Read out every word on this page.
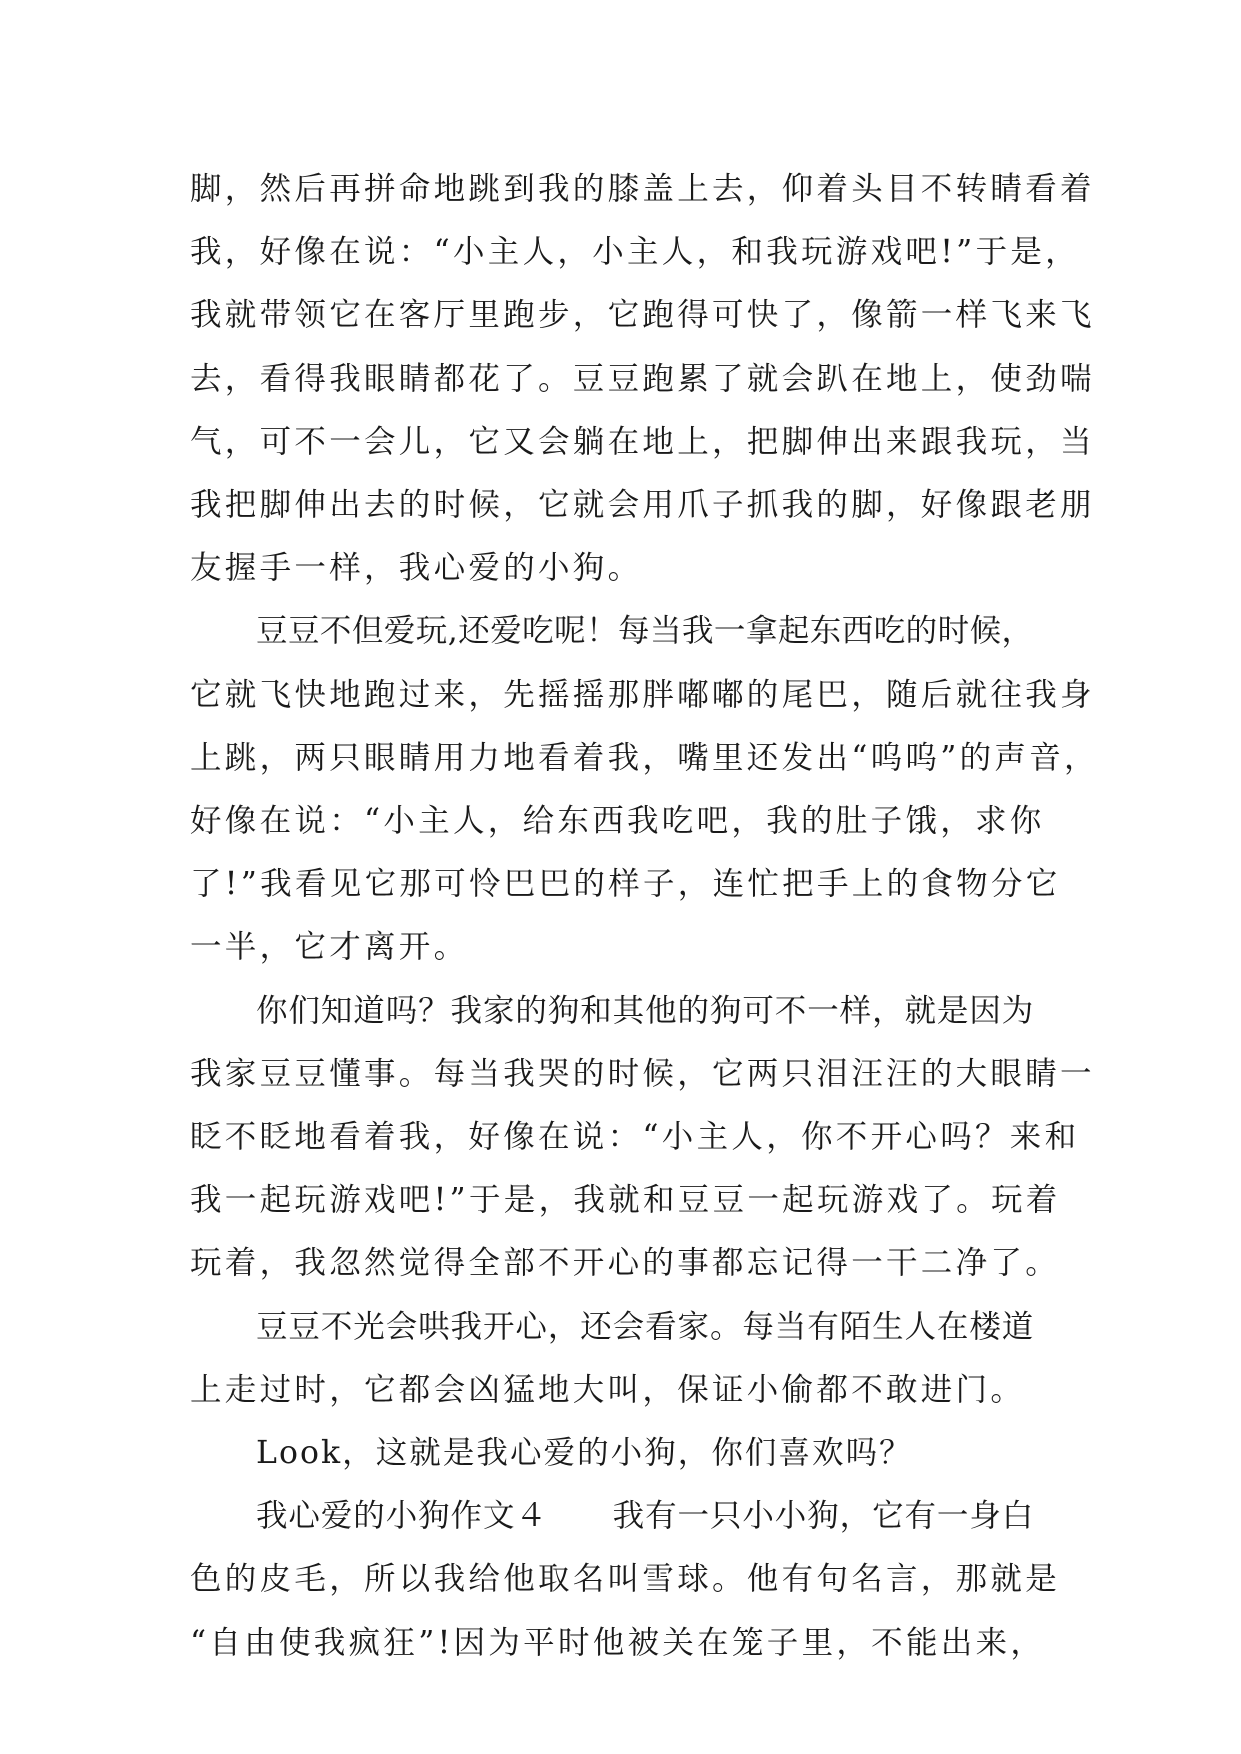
脚，然后再拼命地跳到我的膝盖上去，仰着头目不转睛看着
我，好像在说：“小主人，小主人，和我玩游戏吧!”于是，
我就带领它在客厅里跑步，它跑得可快了，像箭一样飞来飞
去，看得我眼睛都花了。豆豆跑累了就会趴在地上，使劲喘
气，可不一会儿，它又会躺在地上，把脚伸出来跟我玩，当
我把脚伸出去的时候，它就会用爪子抓我的脚，好像跟老朋
友握手一样，我心爱的小狗。

豆豆不但爱玩,还爱吃呢！每当我一拿起东西吃的时候，
它就飞快地跑过来，先摇摇那胖嘟嘟的尾巴，随后就往我身
上跳，两只眼睛用力地看着我，嘴里还发出“呜呜”的声音，
好像在说：“小主人，给东西我吃吧，我的肚子饿，求你
了!”我看见它那可怜巴巴的样子，连忙把手上的食物分它
一半，它才离开。

你们知道吗？我家的狗和其他的狗可不一样，就是因为
我家豆豆懂事。每当我哭的时候，它两只泪汪汪的大眼睛一
眨不眨地看着我，好像在说：“小主人，你不开心吗？来和
我一起玩游戏吧!”于是，我就和豆豆一起玩游戏了。玩着
玩着，我忽然觉得全部不开心的事都忘记得一干二净了。

豆豆不光会哄我开心，还会看家。每当有陌生人在楼道
上走过时，它都会凶猛地大叫，保证小偷都不敢进门。

Look，这就是我心爱的小狗，你们喜欢吗？

我心爱的小狗作文４　　我有一只小小狗，它有一身白
色的皮毛，所以我给他取名叫雪球。他有句名言，那就是
“自由使我疯狂”!因为平时他被关在笼子里，不能出来，
